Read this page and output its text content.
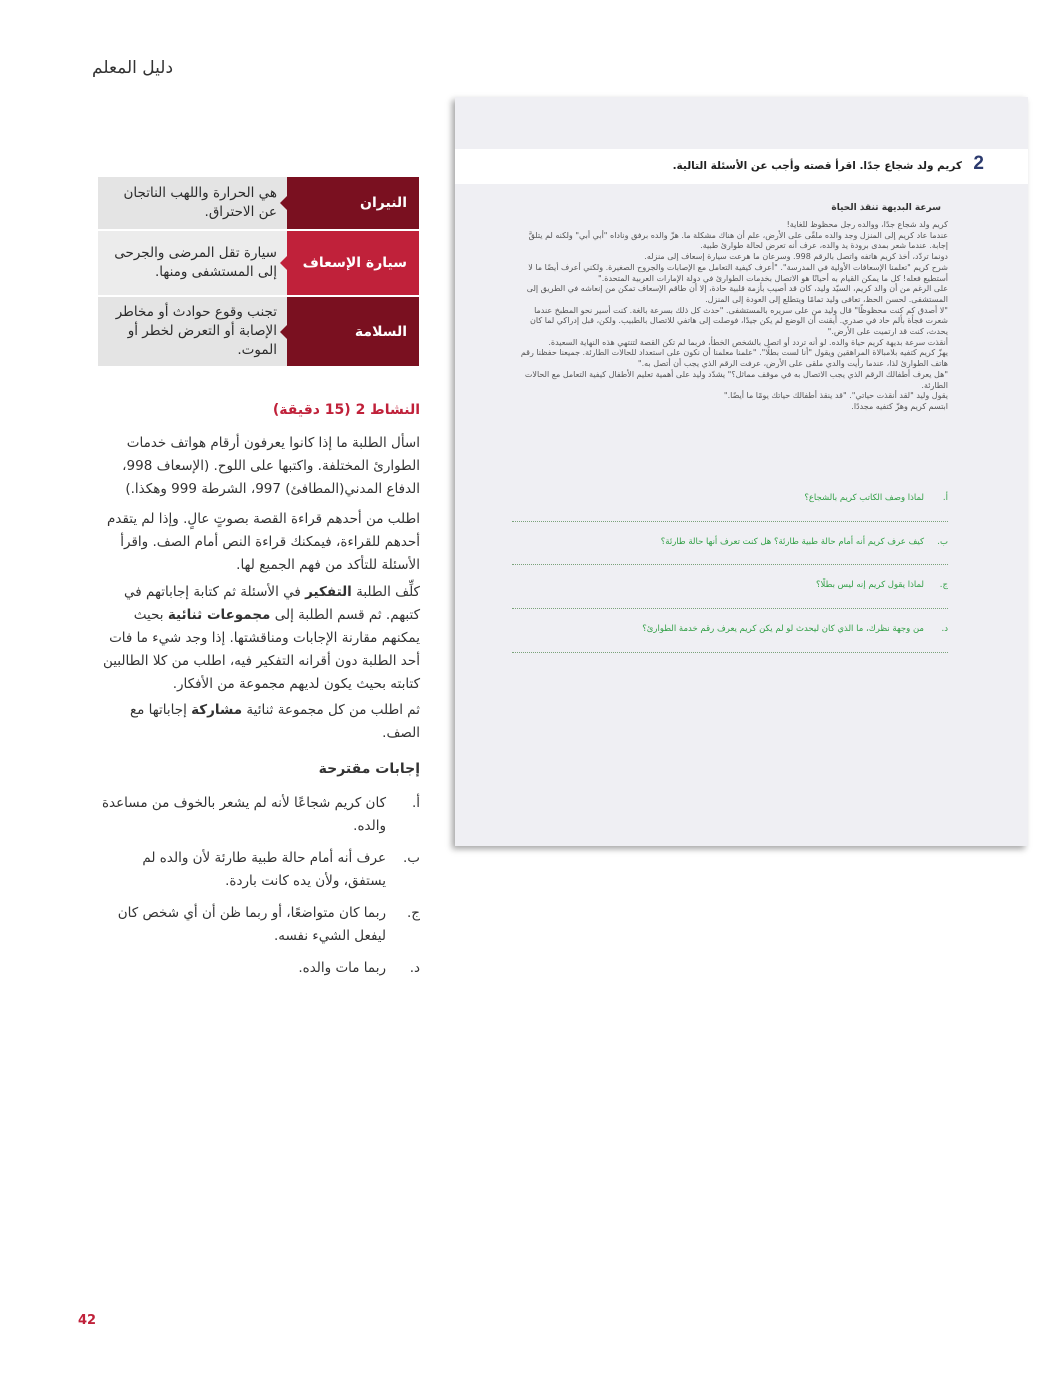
دليل المعلم
النيران	هي الحرارة واللهب الناتجان عن الاحتراق.
سيارة الإسعاف	سيارة تقل المرضى والجرحى إلى المستشفى ومنها.
السلامة	تجنب وقوع حوادث أو مخاطر الإصابة أو التعرض لخطر أو الموت.
النشاط 2 (15 دقيقة)
اسأل الطلبة ما إذا كانوا يعرفون أرقام هواتف خدمات الطوارئ المختلفة. واكتبها على اللوح. (الإسعاف 998، الدفاع المدني(المطافئ) 997، الشرطة 999 وهكذا.)
اطلب من أحدهم قراءة القصة بصوتٍ عالٍ. وإذا لم يتقدم أحدهم للقراءة، فيمكنك قراءة النص أمام الصف. واقرأ الأسئلة للتأكد من فهم الجميع لها.
كلِّف الطلبة التفكير في الأسئلة ثم كتابة إجاباتهم في كتبهم. ثم قسم الطلبة إلى مجموعات ثنائية بحيث يمكنهم مقارنة الإجابات ومناقشتها. إذا وجد شيء ما فات أحد الطلبة دون أقرانه التفكير فيه، اطلب من كلا الطالبين كتابته بحيث يكون لديهم مجموعة من الأفكار.
ثم اطلب من كل مجموعة ثنائية مشاركة إجاباتها مع الصف.
إجابات مقترحة
أ.
كان كريم شجاعًا لأنه لم يشعر بالخوف من مساعدة والده.
ب.
عرف أنه أمام حالة طبية طارئة لأن والده لم يستفق، ولأن يده كانت باردة.
ج.
ربما كان متواضعًا، أو ربما ظن أن أي شخص كان ليفعل الشيء نفسه.
د.
ربما مات والده.
42
2
كريم ولد شجاع جدًا. اقرأ قصته وأجب عن الأسئلة التالية.
سرعة البديهة تنقذ الحياة

كريم ولد شجاع جدًا، ووالده رجل محظوظ للغاية!

عندما عاد كريم إلى المنزل وجد والده ملقًى على الأرض، علم أن هناك مشكلة ما. هزّ والده برفق وناداه "أبي أبي" ولكنه لم يتلقَّ إجابة. عندما شعر بمدى برودة يد والده، عرف أنه تعرض لحالة طوارئ طبية.

دونما تردّد، أخذ كريم هاتفه واتصل بالرقم 998. وسرعان ما هرعت سيارة إسعاف إلى منزله.

شرح كريم "تعلمنا الإسعافات الأولية في المدرسة". "أعرف كيفية التعامل مع الإصابات والجروح الصغيرة. ولكني أعرف أيضًا ما لا أستطيع فعله! كل ما يمكن القيام به أحيانًا هو الاتصال بخدمات الطوارئ في دولة الإمارات العربية المتحدة."

على الرغم من أن والد كريم، السيّد وليد، كان قد أصيب بأزمة قلبية حادة، إلا أن طاقم الإسعاف تمكن من إنعاشه في الطريق إلى المستشفى. لحسن الحظ، تعافى وليد تمامًا ويتطلع إلى العودة إلى المنزل.

"لا أصدق كم كنت محظوظًا" قال وليد من على سريره بالمستشفى. "حدث كل ذلك بسرعة بالغة. كنت أسير نحو المطبخ عندما شعرت فجأة بألم حاد في صدري. أيقنت أن الوضع لم يكن جيدًا، فوصلت إلى هاتفي للاتصال بالطبيب. ولكن، قبل إدراكي لما كان يحدث، كنت قد ارتميت على الأرض."

أنقذت سرعة بديهة كريم حياة والده. لو أنه تردد أو اتصل بالشخص الخطأ، فربما لم تكن القصة لتنتهي هذه النهاية السعيدة.

يهزّ كريم كتفيه بلامبالاة المراهقين ويقول "أنا لست بطلًا". "علمنا معلمنا أن نكون على استعداد للحالات الطارئة. جميعنا حفظنا رقم هاتف الطوارئ لذا، عندما رأيت والدي ملقى على الأرض، عرفت الرقم الذي يجب أن أتصل به."

"هل يعرف أطفالك الرقم الذي يجب الاتصال به في موقف مماثل؟" يشدّد وليد على أهمية تعليم الأطفال كيفية التعامل مع الحالات الطارئة.

يقول وليد "لقد أنقذت حياتي". "قد ينقذ أطفالك حياتك يومًا ما أيضًا."

ابتسم كريم وهزّ كتفيه مجددًا.

أ.
لماذا وصف الكاتب كريم بالشجاع؟
ب.
كيف عرف كريم أنه أمام حالة طبية طارئة؟ هل كنت تعرف أنها حالة طارئة؟
ج.
لماذا يقول كريم إنه ليس بطلًا؟
د.
من وجهة نظرك، ما الذي كان ليحدث لو لم يكن كريم يعرف رقم خدمة الطوارئ؟
